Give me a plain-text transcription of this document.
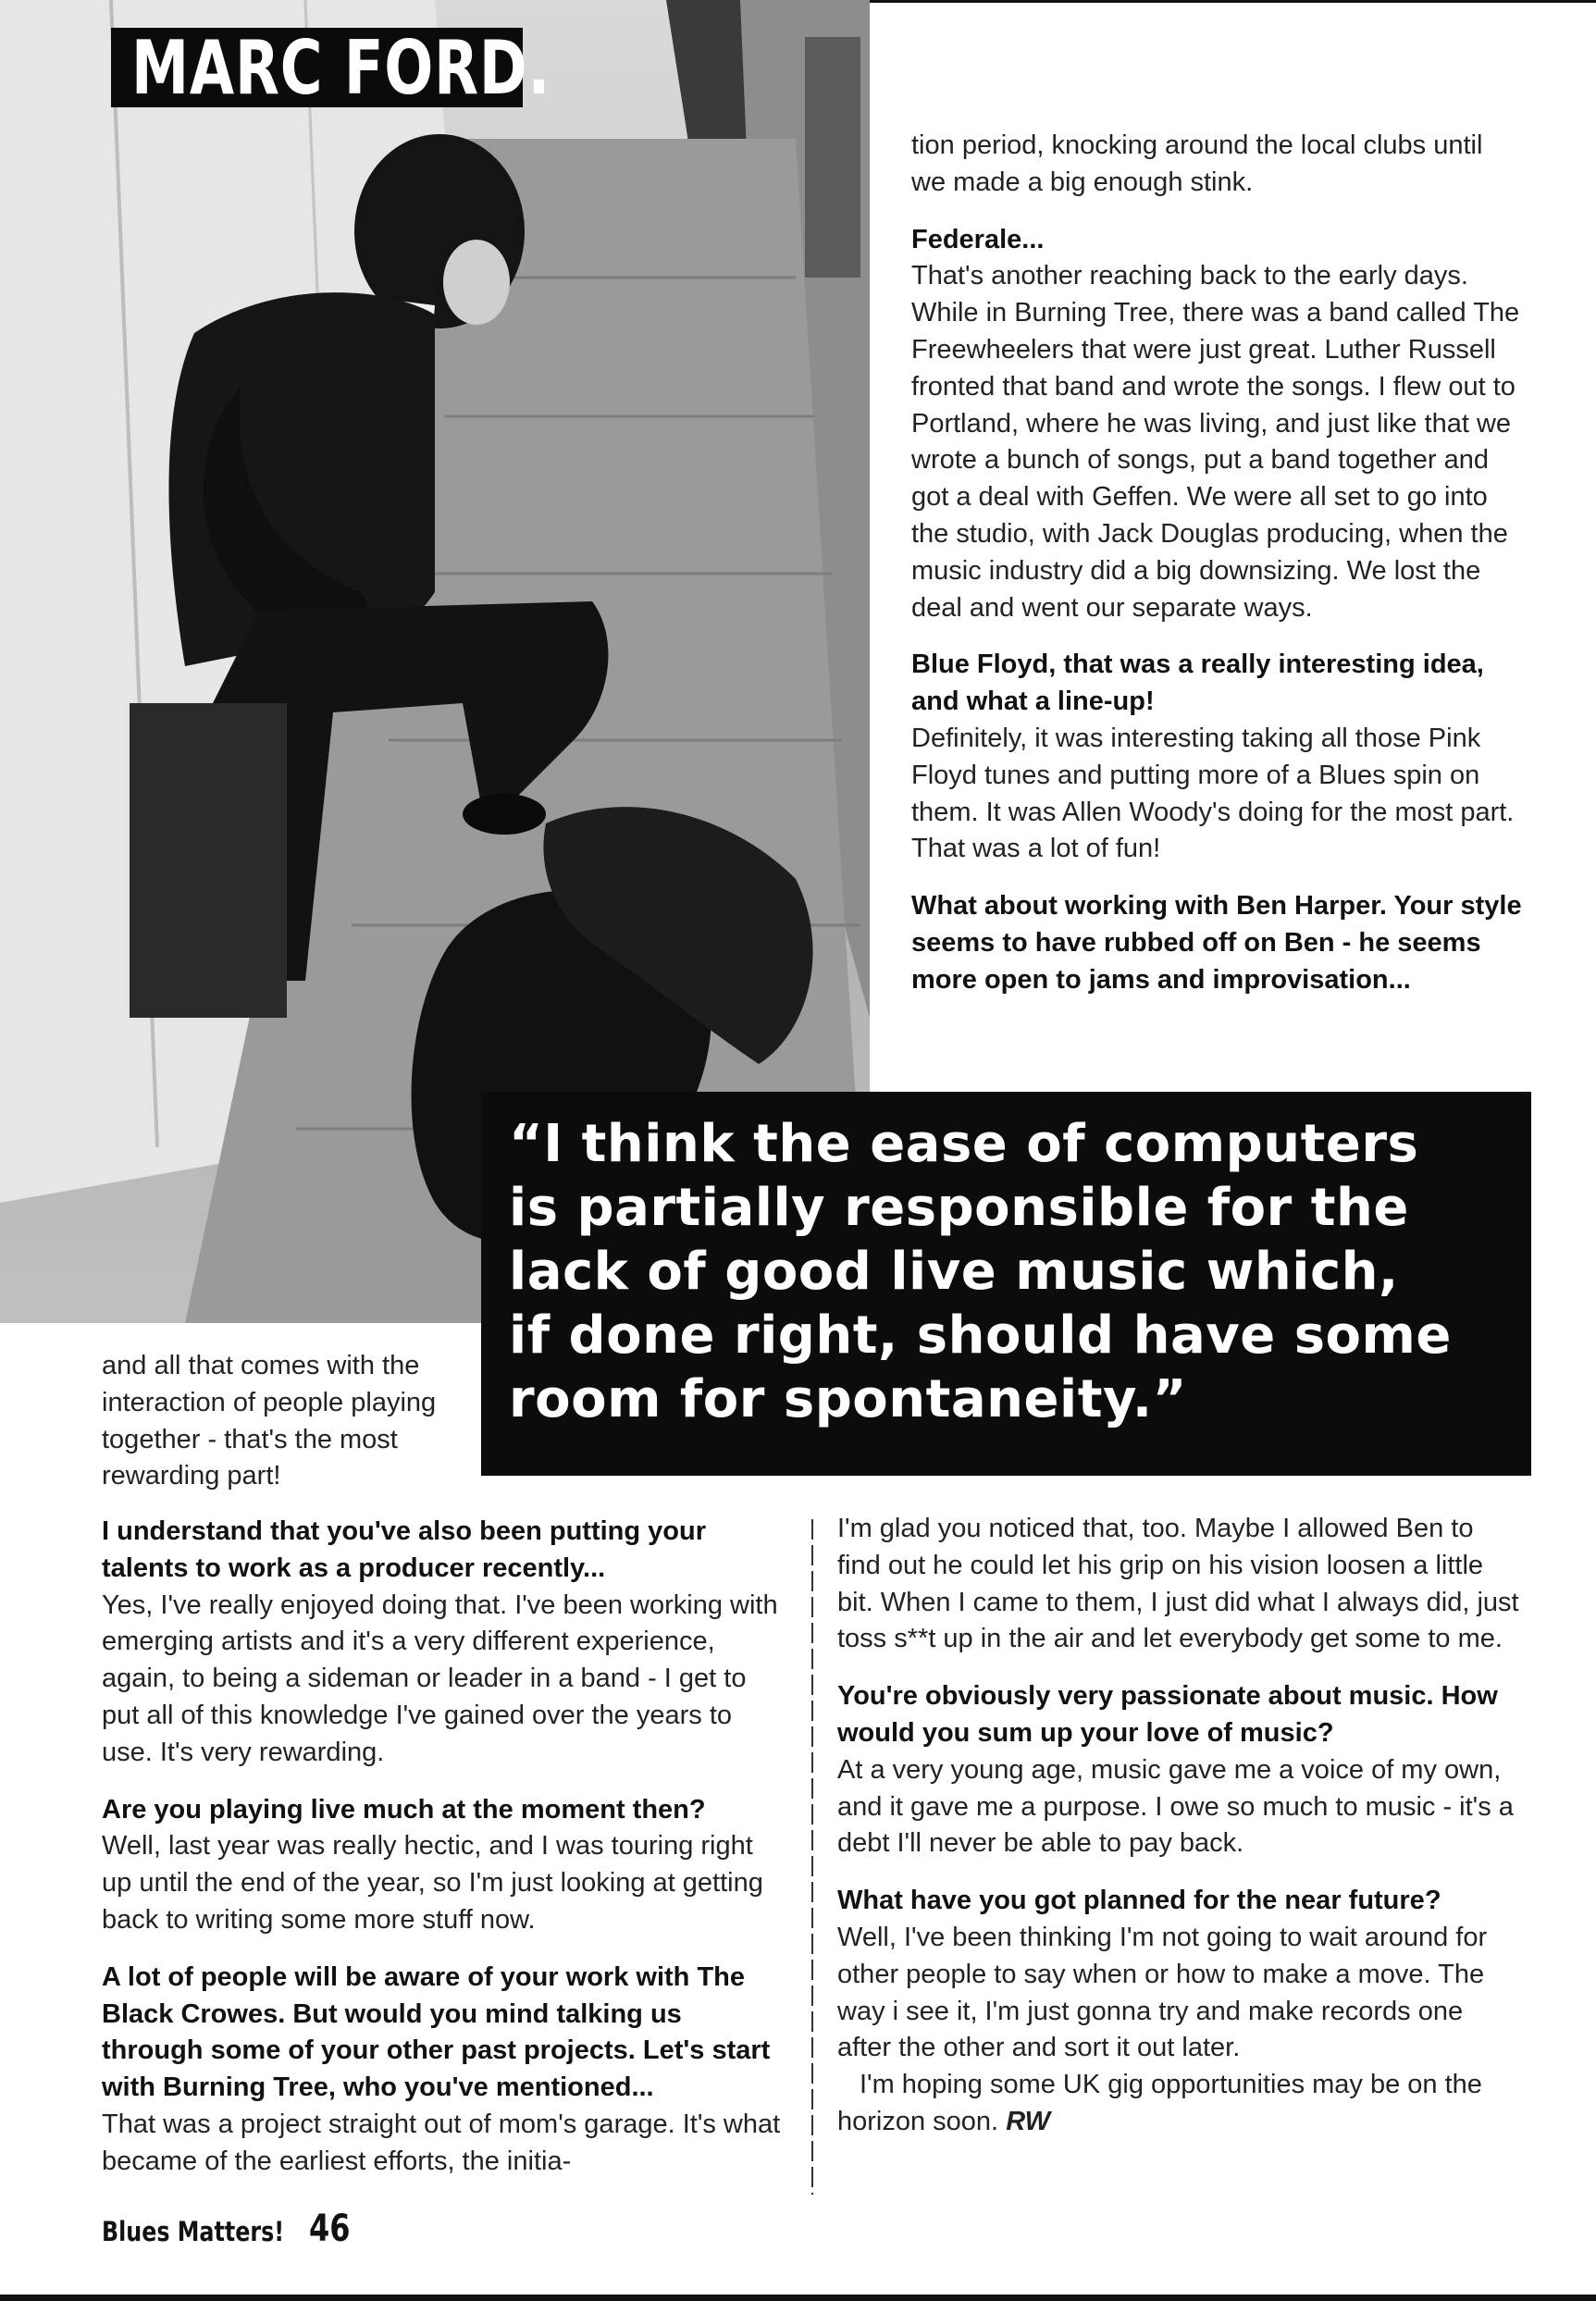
MARC FORD.

tion period, knocking around the local clubs until we made a big enough stink.

Federale...

That's another reaching back to the early days. While in Burning Tree, there was a band called The Freewheelers that were just great. Luther Russell fronted that band and wrote the songs. I flew out to Portland, where he was living, and just like that we wrote a bunch of songs, put a band together and got a deal with Geffen. We were all set to go into the studio, with Jack Douglas producing, when the music industry did a big downsizing. We lost the deal and went our separate ways.

Blue Floyd, that was a really interesting idea, and what a line-up!

Definitely, it was interesting taking all those Pink Floyd tunes and putting more of a Blues spin on them. It was Allen Woody's doing for the most part. That was a lot of fun!

What about working with Ben Harper. Your style seems to have rubbed off on Ben - he seems more open to jams and improvisation...

“I think the ease of computers
is partially responsible for the
lack of good live music which,
if done right, should have some
room for spontaneity.”

and all that comes with the interaction of people playing together - that's the most rewarding part!

I understand that you've also been putting your talents to work as a producer recently...

Yes, I've really enjoyed doing that. I've been working with emerging artists and it's a very different experience, again, to being a sideman or leader in a band - I get to put all of this knowledge I've gained over the years to use. It's very rewarding.

Are you playing live much at the moment then?

Well, last year was really hectic, and I was touring right up until the end of the year, so I'm just looking at getting back to writing some more stuff now.

A lot of people will be aware of your work with The Black Crowes. But would you mind talking us through some of your other past projects. Let's start with Burning Tree, who you've mentioned...

That was a project straight out of mom's garage. It's what became of the earliest efforts, the initia-

I'm glad you noticed that, too. Maybe I allowed Ben to find out he could let his grip on his vision loosen a little bit. When I came to them, I just did what I always did, just toss s**t up in the air and let everybody get some to me.

You're obviously very passionate about music. How would you sum up your love of music?

At a very young age, music gave me a voice of my own, and it gave me a purpose. I owe so much to music - it's a debt I'll never be able to pay back.

What have you got planned for the near future?

Well, I've been thinking I'm not going to wait around for other people to say when or how to make a move. The way i see it, I'm just gonna try and make records one after the other and sort it out later.

I'm hoping some UK gig opportunities may be on the horizon soon. RW

Blues Matters! 46
